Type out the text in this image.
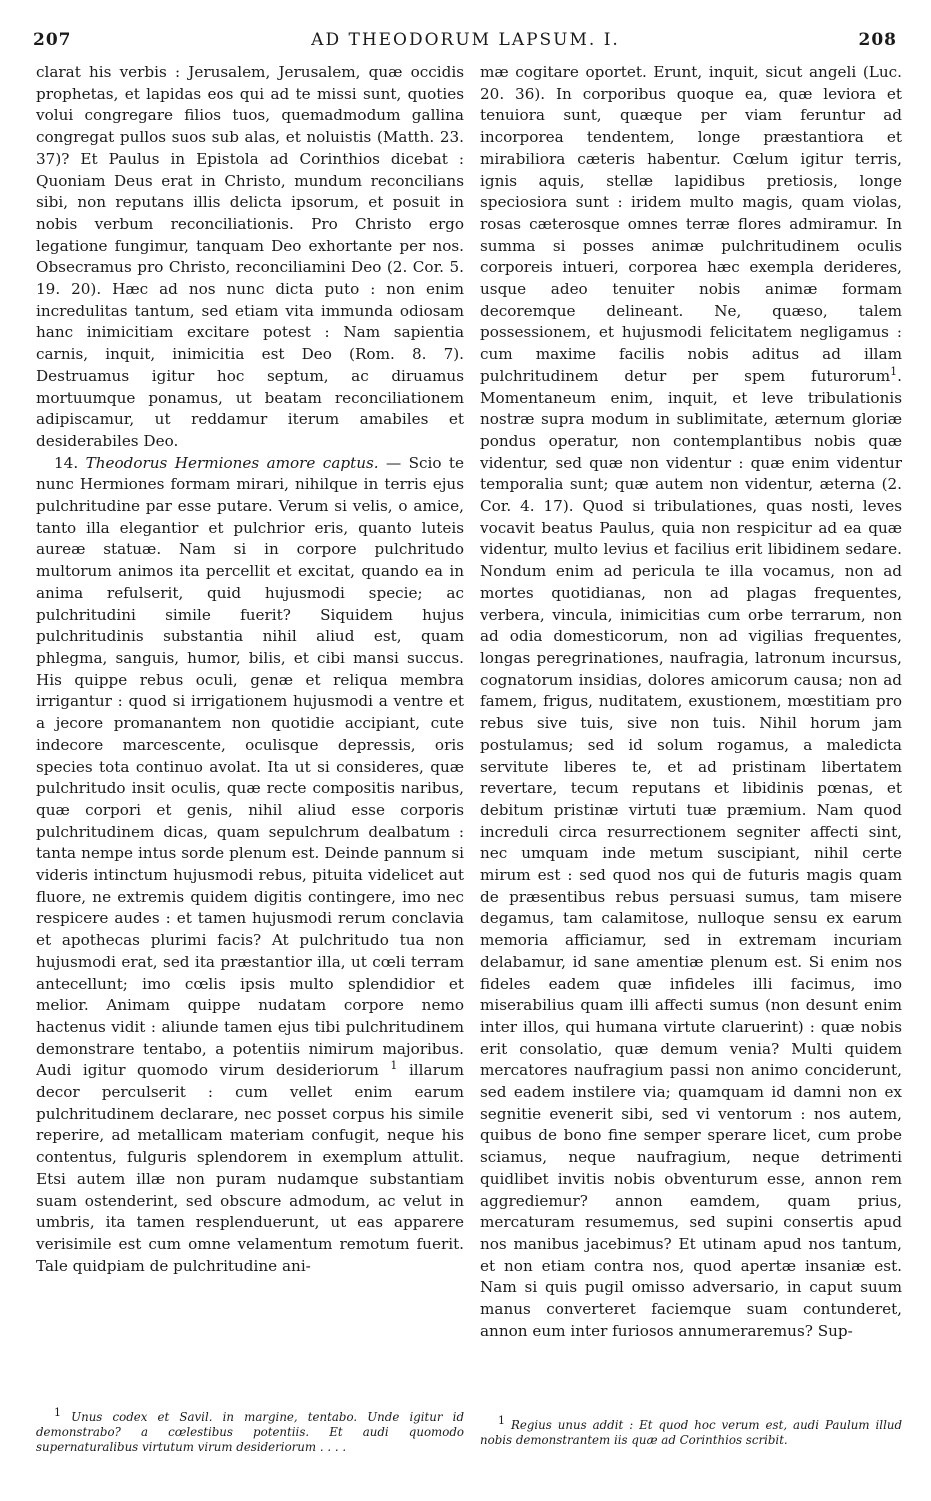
207	AD THEODORUM LAPSUM. I.	208

clarat his verbis : Jerusalem, Jerusalem, quæ occidis prophetas, et lapidas eos qui ad te missi sunt, quoties volui congregare filios tuos, quemadmodum gallina congregat pullos suos sub alas, et noluistis (Matth. 23. 37)? Et Paulus in Epistola ad Corinthios dicebat : Quoniam Deus erat in Christo, mundum reconcilians sibi, non reputans illis delicta ipsorum, et posuit in nobis verbum reconciliationis. Pro Christo ergo legatione fungimur, tanquam Deo exhortante per nos. Obsecramus pro Christo, reconciliamini Deo (2. Cor. 5. 19. 20). Hæc ad nos nunc dicta puto : non enim incredulitas tantum, sed etiam vita immunda odiosam hanc inimicitiam excitare potest : Nam sapientia carnis, inquit, inimicitia est Deo (Rom. 8. 7). Destruamus igitur hoc septum, ac diruamus mortuumque ponamus, ut beatam reconciliationem adipiscamur, ut reddamur iterum amabiles et desiderabiles Deo.

14. Theodorus Hermiones amore captus. — Scio te nunc Hermiones formam mirari, nihilque in terris ejus pulchritudine par esse putare. Verum si velis, o amice, tanto illa elegantior et pulchrior eris, quanto luteis aureæ statuæ. Nam si in corpore pulchritudo multorum animos ita percellit et excitat, quando ea in anima refulserit, quid hujusmodi specie; ac pulchritudini simile fuerit? Siquidem hujus pulchritudinis substantia nihil aliud est, quam phlegma, sanguis, humor, bilis, et cibi mansi succus. His quippe rebus oculi, genæ et reliqua membra irrigantur : quod si irrigationem hujusmodi a ventre et a jecore promanantem non quotidie accipiant, cute indecore marcescente, oculisque depressis, oris species tota continuo avolat. Ita ut si consideres, quæ pulchritudo insit oculis, quæ recte compositis naribus, quæ corpori et genis, nihil aliud esse corporis pulchritudinem dicas, quam sepulchrum dealbatum : tanta nempe intus sorde plenum est. Deinde pannum si videris intinctum hujusmodi rebus, pituita videlicet aut fluore, ne extremis quidem digitis contingere, imo nec respicere audes : et tamen hujusmodi rerum conclavia et apothecas plurimi facis? At pulchritudo tua non hujusmodi erat, sed ita præstantior illa, ut cœli terram antecellunt; imo cœlis ipsis multo splendidior et melior. Animam quippe nudatam corpore nemo hactenus vidit : aliunde tamen ejus tibi pulchritudinem demonstrare tentabo, a potentiis nimirum majoribus. Audi igitur quomodo virum desideriorum $^1$ illarum decor perculserit : cum vellet enim earum pulchritudinem declarare, nec posset corpus his simile reperire, ad metallicam materiam confugit, neque his contentus, fulguris splendorem in exemplum attulit. Etsi autem illæ non puram nudamque substantiam suam ostenderint, sed obscure admodum, ac velut in umbris, ita tamen resplenduerunt, ut eas apparere verisimile est cum omne velamentum remotum fuerit. Tale quidpiam de pulchritudine ani-

mæ cogitare oportet. Erunt, inquit, sicut angeli (Luc. 20. 36). In corporibus quoque ea, quæ leviora et tenuiora sunt, quæque per viam feruntur ad incorporea tendentem, longe præstantiora et mirabiliora cæteris habentur. Cœlum igitur terris, ignis aquis, stellæ lapidibus pretiosis, longe speciosiora sunt : iridem multo magis, quam violas, rosas cæterosque omnes terræ flores admiramur. In summa si posses animæ pulchritudinem oculis corporeis intueri, corporea hæc exempla derideres, usque adeo tenuiter nobis animæ formam decoremque delineant. Ne, quæso, talem possessionem, et hujusmodi felicitatem negligamus : cum maxime facilis nobis aditus ad illam pulchritudinem detur per spem futurorum$^1$. Momentaneum enim, inquit, et leve tribulationis nostræ supra modum in sublimitate, æternum gloriæ pondus operatur, non contemplantibus nobis quæ videntur, sed quæ non videntur : quæ enim videntur temporalia sunt; quæ autem non videntur, æterna (2. Cor. 4. 17). Quod si tribulationes, quas nosti, leves vocavit beatus Paulus, quia non respicitur ad ea quæ videntur, multo levius et facilius erit libidinem sedare. Nondum enim ad pericula te illa vocamus, non ad mortes quotidianas, non ad plagas frequentes, verbera, vincula, inimicitias cum orbe terrarum, non ad odia domesticorum, non ad vigilias frequentes, longas peregrinationes, naufragia, latronum incursus, cognatorum insidias, dolores amicorum causa; non ad famem, frigus, nuditatem, exustionem, mœstitiam pro rebus sive tuis, sive non tuis. Nihil horum jam postulamus; sed id solum rogamus, a maledicta servitute liberes te, et ad pristinam libertatem revertare, tecum reputans et libidinis pœnas, et debitum pristinæ virtuti tuæ præmium. Nam quod increduli circa resurrectionem segniter affecti sint, nec umquam inde metum suscipiant, nihil certe mirum est : sed quod nos qui de futuris magis quam de præsentibus rebus persuasi sumus, tam misere degamus, tam calamitose, nulloque sensu ex earum memoria afficiamur, sed in extremam incuriam delabamur, id sane amentiæ plenum est. Si enim nos fideles eadem quæ infideles illi facimus, imo miserabilius quam illi affecti sumus (non desunt enim inter illos, qui humana virtute claruerint) : quæ nobis erit consolatio, quæ demum venia? Multi quidem mercatores naufragium passi non animo conciderunt, sed eadem instilere via; quamquam id damni non ex segnitie evenerit sibi, sed vi ventorum : nos autem, quibus de bono fine semper sperare licet, cum probe sciamus, neque naufragium, neque detrimenti quidlibet invitis nobis obventurum esse, annon rem aggrediemur? annon eamdem, quam prius, mercaturam resumemus, sed supini consertis apud nos manibus jacebimus? Et utinam apud nos tantum, et non etiam contra nos, quod apertæ insaniæ est. Nam si quis pugil omisso adversario, in caput suum manus converteret faciemque suam contunderet, annon eum inter furiosos annumeraremus? Sup-

1 Unus codex et Savil. in margine, tentabo. Unde igitur id demonstrabo? a cœlestibus potentiis. Et audi quomodo supernaturalibus virtutum virum desideriorum . . . .
1 Regius unus addit : Et quod hoc verum est, audi Paulum illud nobis demonstrantem iis quæ ad Corinthios scribit.
